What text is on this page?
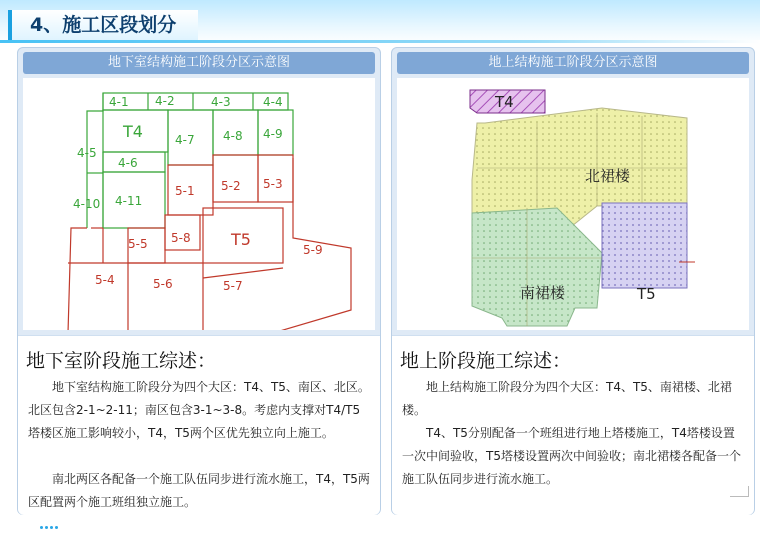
4、施工区段划分
地下室结构施工阶段分区示意图
4-1 4-2	4-3	4-4
T4	4-7 4-8 4-9
4-5
4-6
4-10 4-11
5-1 5-2 5-3
5-5 5-8	T5
5-9
5-4	5-6	5-7
地下室阶段施工综述：

地下室结构施工阶段分为四个大区：T4、T5、南区、北区。北区包含2-1~2-11；南区包含3-1~3-8。考虑内支撑对T4/T5塔楼区施工影响较小，T4，T5两个区优先独立向上施工。

南北两区各配备一个施工队伍同步进行流水施工，T4，T5两区配置两个施工班组独立施工。

地上结构施工阶段分区示意图
T4
北裙楼
南裙楼	T5
地上阶段施工综述：

地上结构施工阶段分为四个大区：T4、T5、南裙楼、北裙楼。

T4、T5分别配备一个班组进行地上塔楼施工，T4塔楼设置一次中间验收，T5塔楼设置两次中间验收；南北裙楼各配备一个施工队伍同步进行流水施工。
